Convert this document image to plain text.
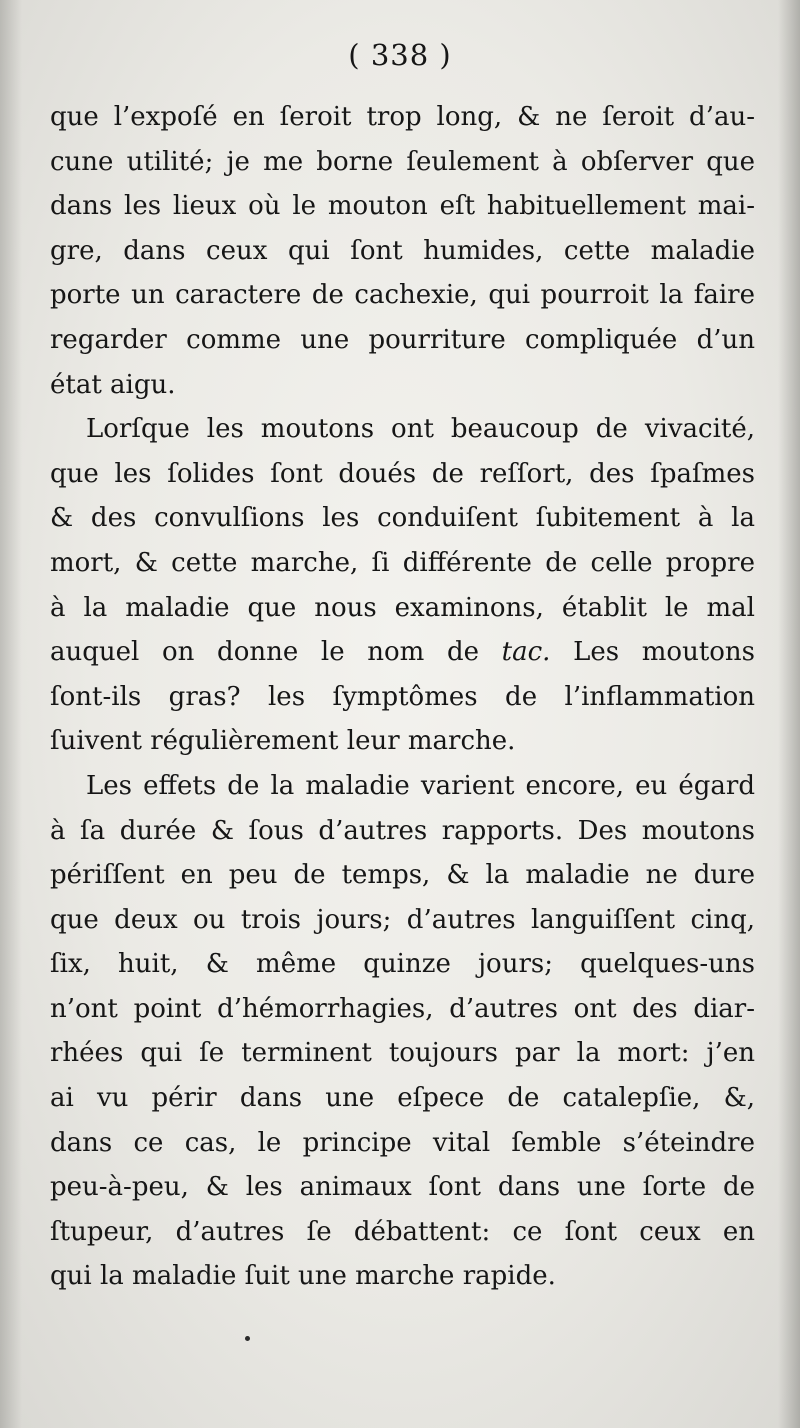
( 338 )
que l’expoſé en ſeroit trop long, & ne ſeroit d’au-
cune utilité; je me borne ſeulement à obſerver que
dans les lieux où le mouton eſt habituellement mai-
gre, dans ceux qui ſont humides, cette maladie
porte un caractere de cachexie, qui pourroit la faire
regarder comme une pourriture compliquée d’un
état aigu.
Lorſque les moutons ont beaucoup de vivacité,
que les ſolides ſont doués de reſſort, des ſpaſmes
& des convulſions les conduiſent ſubitement à la
mort, & cette marche, ſi différente de celle propre
à la maladie que nous examinons, établit le mal
auquel on donne le nom de tac. Les moutons
ſont-ils gras? les ſymptômes de l’inflammation
ſuivent régulièrement leur marche.
Les effets de la maladie varient encore, eu égard
à ſa durée & ſous d’autres rapports. Des moutons
périſſent en peu de temps, & la maladie ne dure
que deux ou trois jours; d’autres languiſſent cinq,
ſix, huit, & même quinze jours; quelques-uns
n’ont point d’hémorrhagies, d’autres ont des diar-
rhées qui ſe terminent toujours par la mort: j’en
ai vu périr dans une eſpece de catalepſie, &,
dans ce cas, le principe vital ſemble s’éteindre
peu-à-peu, & les animaux ſont dans une ſorte de
ſtupeur, d’autres ſe débattent: ce ſont ceux en
qui la maladie ſuit une marche rapide.
